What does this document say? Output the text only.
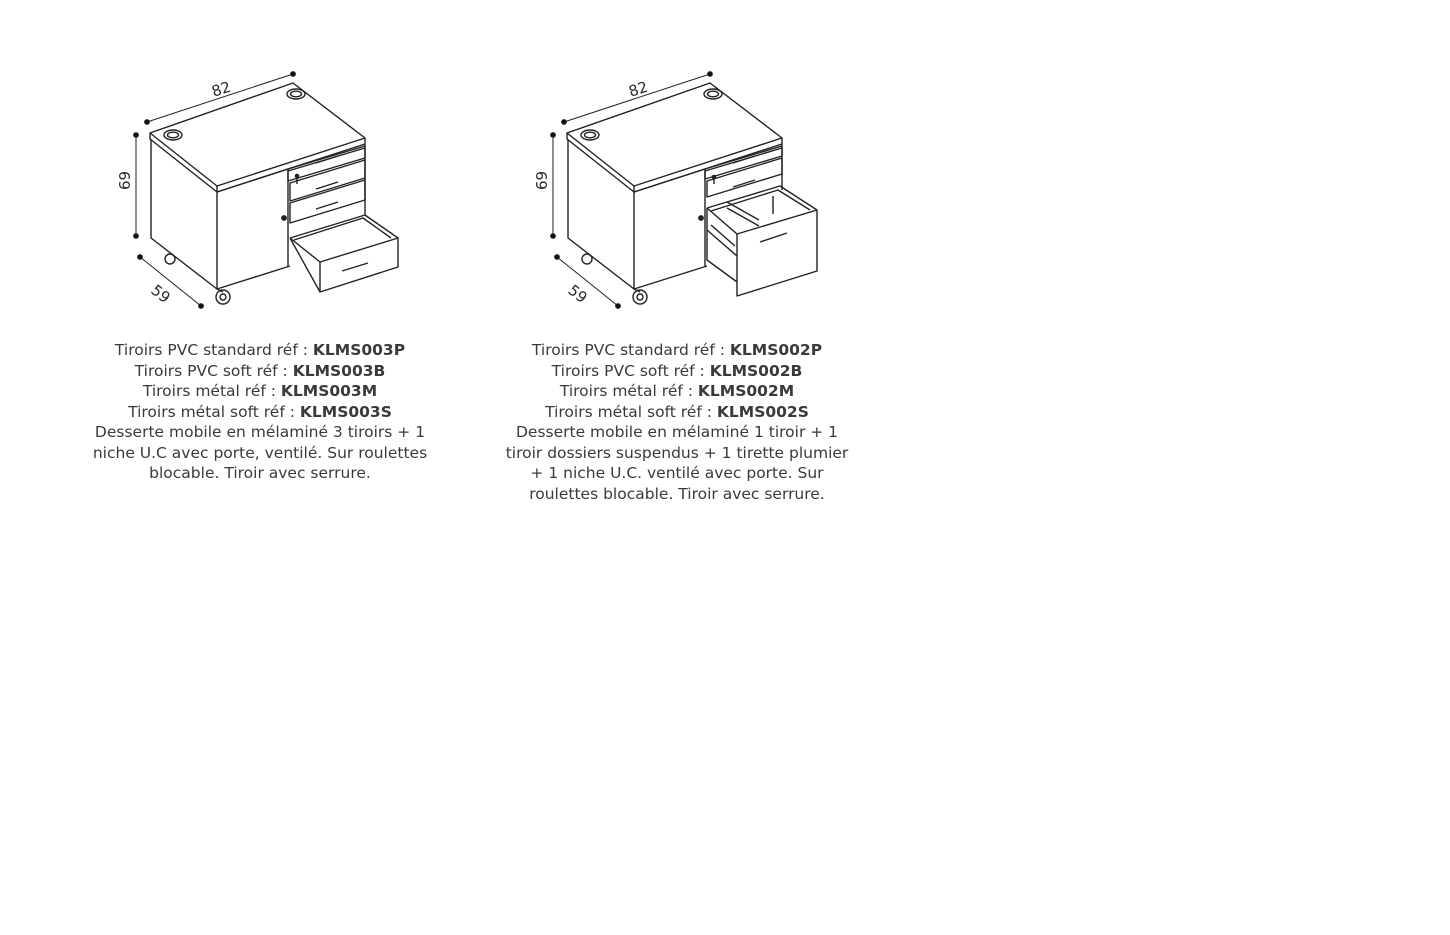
82
69
59
Tiroirs PVC standard réf : KLMS003P
Tiroirs PVC soft réf : KLMS003B
Tiroirs métal réf : KLMS003M
Tiroirs métal soft réf : KLMS003S
Desserte mobile en mélaminé 3 tiroirs + 1 niche U.C avec porte, ventilé. Sur roulettes blocable. Tiroir avec serrure.
82
69
59
Tiroirs PVC standard réf : KLMS002P
Tiroirs PVC soft réf : KLMS002B
Tiroirs métal réf : KLMS002M
Tiroirs métal soft réf : KLMS002S
Desserte mobile en mélaminé 1 tiroir + 1 tiroir dossiers suspendus + 1 tirette plumier + 1 niche U.C. ventilé avec porte. Sur roulettes blocable. Tiroir avec serrure.
